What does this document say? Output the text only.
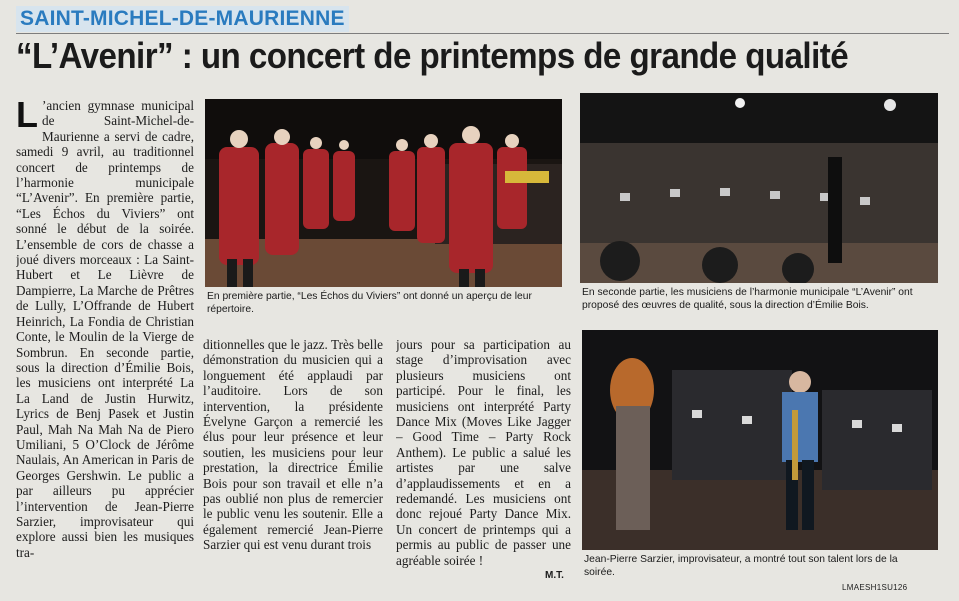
SAINT-MICHEL-DE-MAURIENNE
“L’Avenir” : un concert de printemps de grande qualité
L ’ancien gymnase municipal de Saint-Michel-de-Maurienne a servi de cadre, samedi 9 avril, au traditionnel concert de printemps de l’harmonie municipale “L’Avenir”. En première partie, “Les Échos du Viviers” ont sonné le début de la soirée. L’ensemble de cors de chasse a joué divers morceaux : La Saint-Hubert et Le Lièvre de Dampierre, La Marche de Prêtres de Lully, L’Offrande de Hubert Heinrich, La Fondia de Christian Conte, le Moulin de la Vierge de Sombrun. En seconde partie, sous la direction d’Émilie Bois, les musiciens ont interprété La La Land de Justin Hurwitz, Lyrics de Benj Pasek et Justin Paul, Mah Na Mah Na de Piero Umiliani, 5 O’Clock de Jérôme Naulais, An American in Paris de Georges Gershwin. Le public a par ailleurs pu apprécier l’intervention de Jean-Pierre Sarzier, improvisateur qui explore aussi bien les musiques tra-
En première partie, “Les Échos du Viviers” ont donné un aperçu de leur répertoire.
En seconde partie, les musiciens de l’harmonie municipale “L’Avenir” ont proposé des œuvres de qualité, sous la direction d’Émilie Bois.
ditionnelles que le jazz. Très belle démonstration du musicien qui a longuement été applaudi par l’auditoire. Lors de son intervention, la présidente Évelyne Garçon a remercié les élus pour leur présence et leur soutien, les musiciens pour leur prestation, la directrice Émilie Bois pour son travail et elle n’a pas oublié non plus de remercier le public venu les soutenir. Elle a également remercié Jean-Pierre Sarzier qui est venu durant trois
jours pour sa participation au stage d’improvisation avec plusieurs musiciens ont participé. Pour le final, les musiciens ont interprété Party Dance Mix (Moves Like Jagger – Good Time – Party Rock Anthem). Le public a salué les artistes par une salve d’applaudissements et en a redemandé. Les musiciens ont donc rejoué Party Dance Mix. Un concert de printemps qui a permis au public de passer une agréable soirée !	Jean-Pierre Sarzier, improvisateur, a montré tout son talent lors de la soirée.
M.T.
LMAESH1SU126
